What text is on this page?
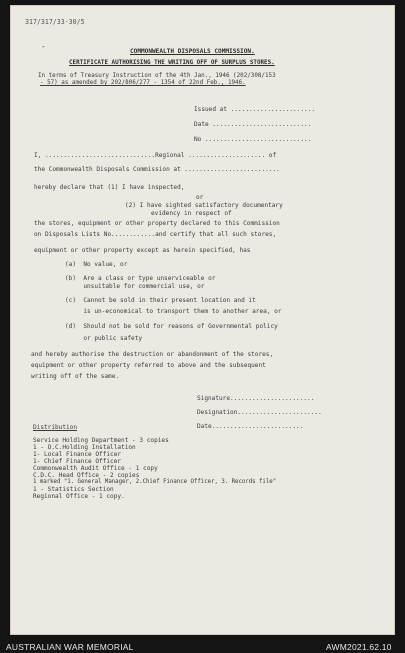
317/317/33-30/5
-
COMMONWEALTH DISPOSALS COMMISSION.
CERTIFICATE AUTHORISING THE WRITING OFF OF SURPLUS STORES.
In terms of Treasury Instruction of the 4th Jan., 1946 (202/308/153
- 57) as amended by 202/806/277 - 1354 of 22nd Feb., 1946.
Issued at .......................
Date ...........................
No .............................
I, ..............................Regional ..................... of
the Commonwealth Disposals Commission at ..........................
hereby declare that (1) I have inspected,
or
(2) I have sighted satisfactory documentary
evidency in respect of
the stores, equipment or other property declared to this Commission
on Disposals Lists No............and certify that all such stores,
equipment or other property except as herein specified, has
(a)  No value, or
(b)  Are a class or type unserviceable or
unsuitable for commercial use, or
(c)  Cannot be sold in their present location and it
is un-economical to transport them to another area, or
(d)  Should not be sold for reasons of Governmental policy
or public safety
and hereby authorise the destruction or abandonment of the stores,
equipment or other property referred to above and the subsequent
writing off of the same.
Signature.......................
Designation.......................
Date.........................
Distribution
Service Holding Department - 3 copies
1 - O.C.Holding Installation
1- Local Finance Officer
1- Chief Finance Officer
Commonwealth Audit Office - 1 copy
C.D.C. Head Office - 2 copies
1 marked "1. General Manager, 2.Chief Finance Officer, 3. Records file"
1 - Statistics Section
Regional Office - 1 copy.
AUSTRALIAN WAR MEMORIAL	AWM2021.62.10
